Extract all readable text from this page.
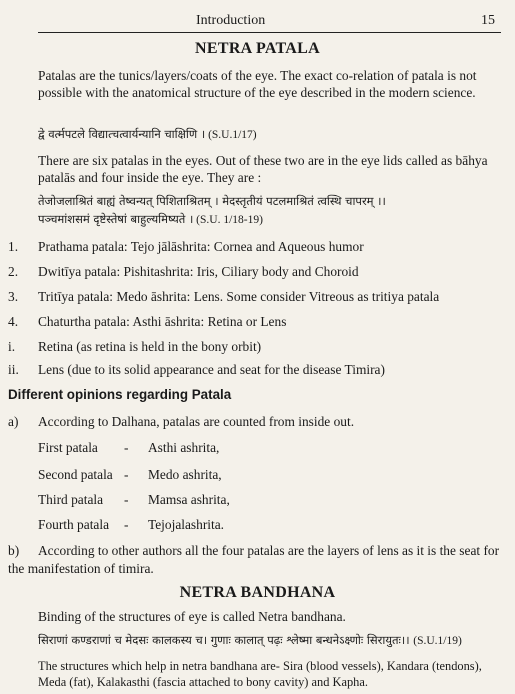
Introduction	15
NETRA PATALA
Patalas are the tunics/layers/coats of the eye. The exact co-relation of patala is not possible with the anatomical structure of the eye described in the modern science.
द्वे वर्त्मपटले विद्यात्चत्वार्यन्यानि चाक्षिणि । (S.U.1/17)
There are six patalas in the eyes. Out of these two are in the eye lids called as bāhya patalās and four inside the eye. They are :
तेजोजलाश्रितं बाह्यं तेष्वन्यत् पिशिताश्रितम् । मेदस्तृतीयं पटलमाश्रितं त्वस्थि चापरम् ।।
पञ्चमांशसमं दृष्टेस्तेषां बाहुल्यमिष्यते । (S.U. 1/18-19)
1. Prathama patala: Tejo jālāshrita: Cornea and Aqueous humor
2. Dwitīya patala: Pishitashrita: Iris, Ciliary body and Choroid
3. Tritīya patala: Medo āshrita: Lens. Some consider Vitreous as tritiya patala
4. Chaturtha patala: Asthi āshrita: Retina or Lens
i. Retina (as retina is held in the bony orbit)
ii. Lens (due to its solid appearance and seat for the disease Timira)
Different opinions regarding Patala
a) According to Dalhana, patalas are counted from inside out.
First patala - Asthi ashrita,
Second patala - Medo ashrita,
Third patala - Mamsa ashrita,
Fourth patala - Tejojalashrita.
b) According to other authors all the four patalas are the layers of lens as it is the seat for the manifestation of timira.
NETRA BANDHANA
Binding of the structures of eye is called Netra bandhana.
सिराणां कण्डराणां च मेदसः कालकस्य च। गुणाः कालात् पढ़ः श्लेष्मा बन्धनेऽक्ष्णोः सिरायुतः।। (S.U.1/19)
The structures which help in netra bandhana are- Sira (blood vessels), Kandara (tendons), Meda (fat), Kalakasthi (fascia attached to bony cavity) and Kapha.
